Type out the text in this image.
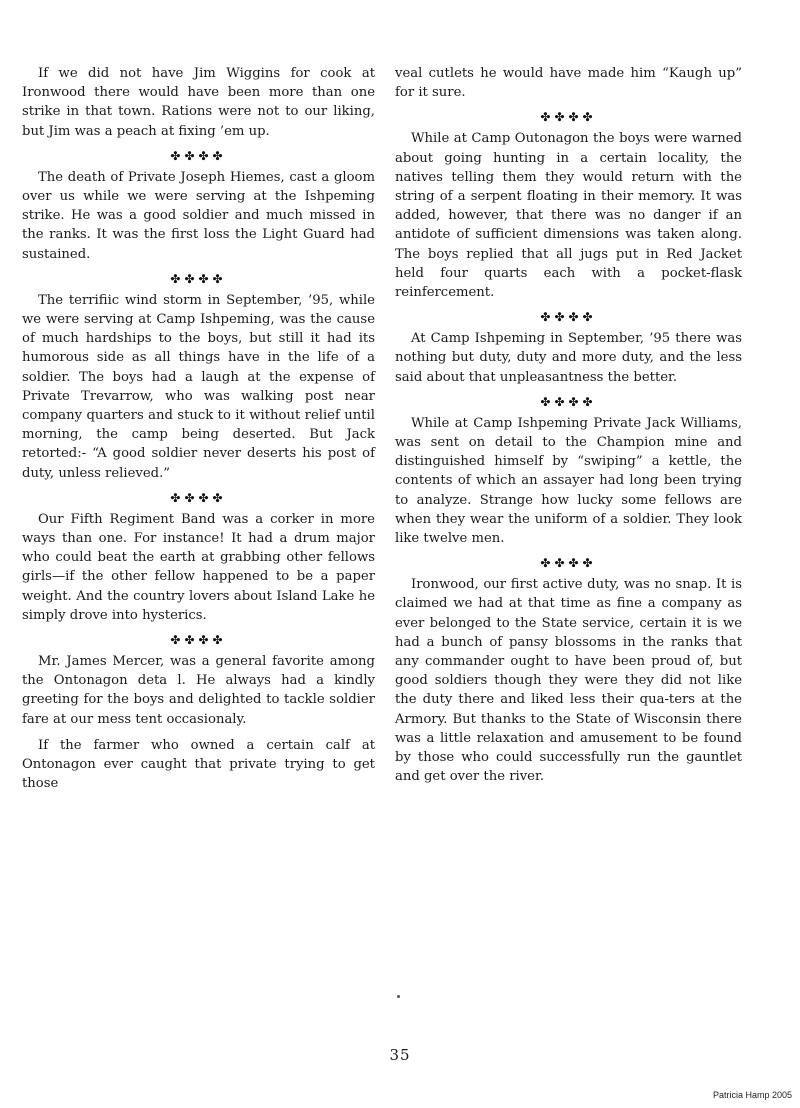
If we did not have Jim Wiggins for cook at Ironwood there would have been more than one strike in that town. Rations were not to our liking, but Jim was a peach at fixing ’em up.

✤✤✤✤

The death of Private Joseph Hiemes, cast a gloom over us while we were serving at the Ishpeming strike. He was a good soldier and much missed in the ranks. It was the first loss the Light Guard had sustained.

✤✤✤✤

The terrifiic wind storm in September, ’95, while we were serving at Camp Ishpeming, was the cause of much hardships to the boys, but still it had its humorous side as all things have in the life of a soldier. The boys had a laugh at the expense of Private Trevarrow, who was walking post near company quarters and stuck to it without relief until morning, the camp being deserted. But Jack retorted:- “A good soldier never deserts his post of duty, unless relieved.”

✤✤✤✤

Our Fifth Regiment Band was a corker in more ways than one. For instance! It had a drum major who could beat the earth at grabbing other fellows girls—if the other fellow happened to be a paper weight. And the country lovers about Island Lake he simply drove into hysterics.

✤✤✤✤

Mr. James Mercer, was a general favorite among the Ontonagon deta l. He always had a kindly greeting for the boys and delighted to tackle soldier fare at our mess tent occasionaly.

If the farmer who owned a certain calf at Ontonagon ever caught that private trying to get those

veal cutlets he would have made him “Kaugh up” for it sure.

✤✤✤✤

While at Camp Outonagon the boys were warned about going hunting in a certain locality, the natives telling them they would return with the string of a serpent floating in their memory. It was added, however, that there was no danger if an antidote of sufficient dimensions was taken along. The boys replied that all jugs put in Red Jacket held four quarts each with a pocket-flask reinfercement.

✤✤✤✤

At Camp Ishpeming in September, ’95 there was nothing but duty, duty and more duty, and the less said about that unpleasantness the better.

✤✤✤✤

While at Camp Ishpeming Private Jack Williams, was sent on detail to the Champion mine and distinguished himself by “swiping” a kettle, the contents of which an assayer had long been trying to analyze. Strange how lucky some fellows are when they wear the uniform of a soldier. They look like twelve men.

✤✤✤✤

Ironwood, our first active duty, was no snap. It is claimed we had at that time as fine a company as ever belonged to the State service, certain it is we had a bunch of pansy blossoms in the ranks that any commander ought to have been proud of, but good soldiers though they were they did not like the duty there and liked less their qua-ters at the Armory. But thanks to the State of Wisconsin there was a little relaxation and amusement to be found by those who could successfully run the gauntlet and get over the river.

35
Patricia Hamp 2005
